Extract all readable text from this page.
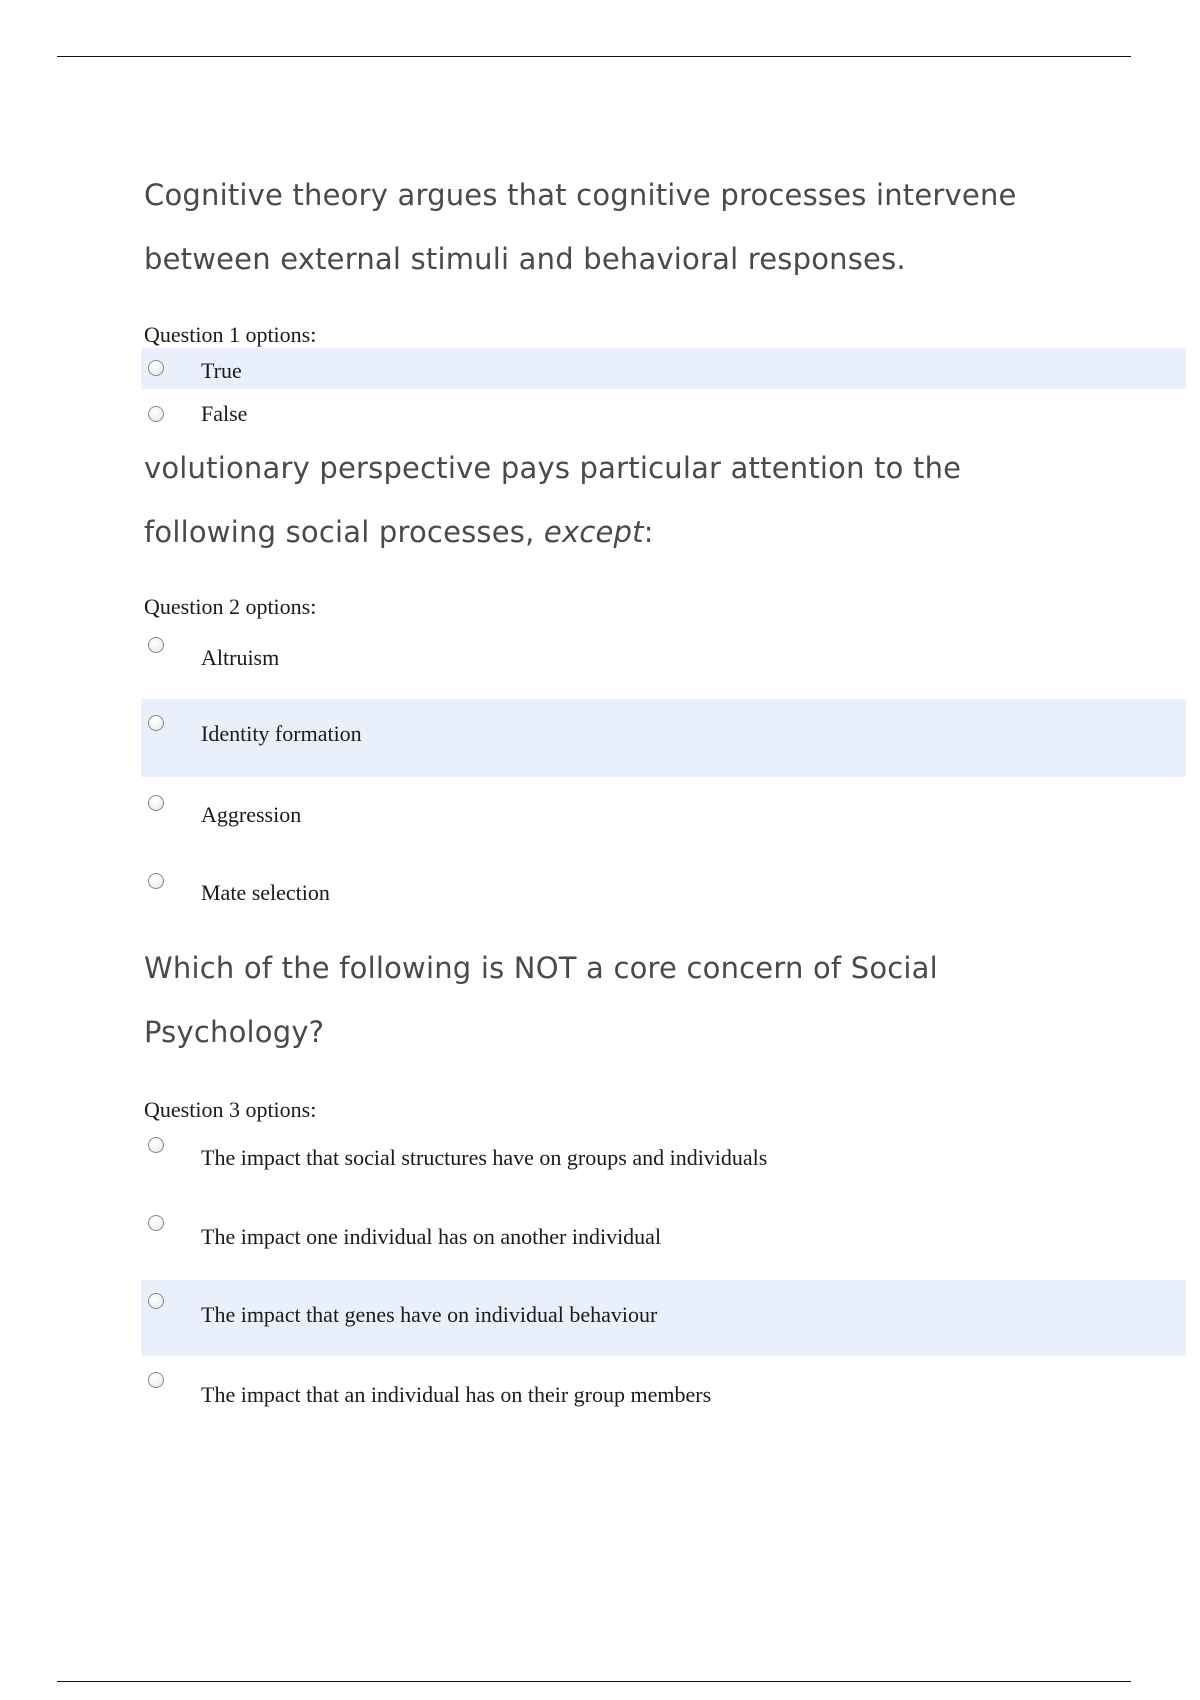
Cognitive theory argues that cognitive processes intervene
between external stimuli and behavioral responses.
Question 1 options:
True
False
volutionary perspective pays particular attention to the
following social processes, except:
Question 2 options:
Altruism
Identity formation
Aggression
Mate selection
Which of the following is NOT a core concern of Social
Psychology?
Question 3 options:
The impact that social structures have on groups and individuals
The impact one individual has on another individual
The impact that genes have on individual behaviour
The impact that an individual has on their group members
